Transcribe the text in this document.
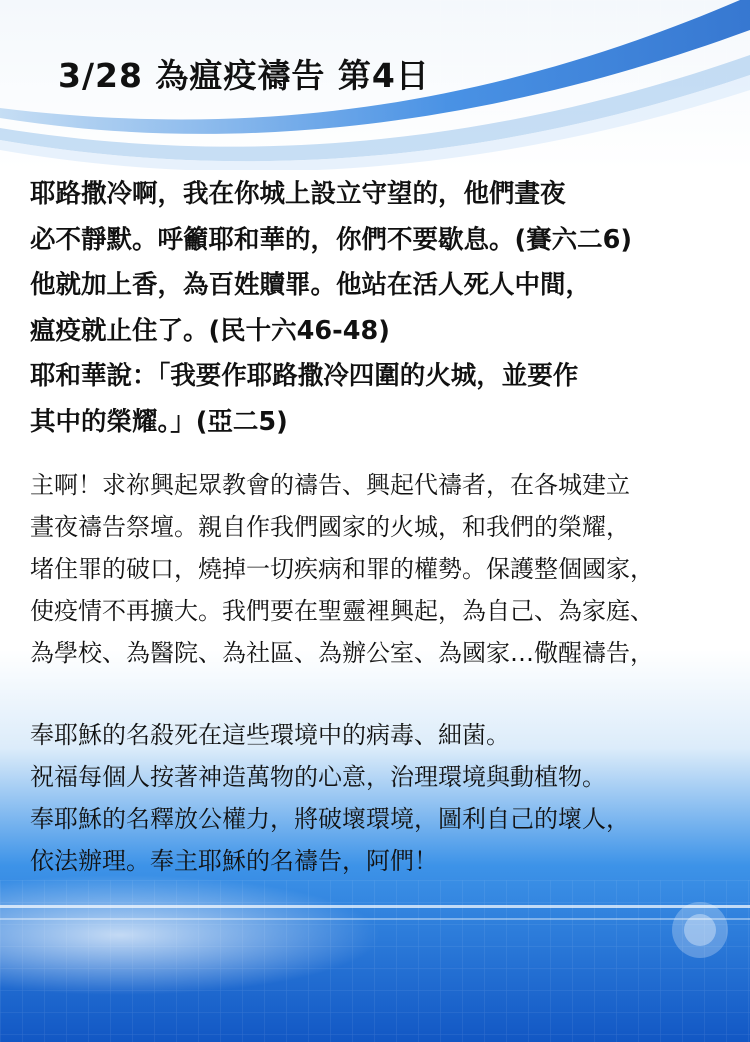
3/28 為瘟疫禱告 第4日
耶路撒冷啊，我在你城上設立守望的，他們晝夜
必不靜默。呼籲耶和華的，你們不要歇息。(賽六二6)
他就加上香，為百姓贖罪。他站在活人死人中間，
瘟疫就止住了。(民十六46-48)
耶和華說：「我要作耶路撒冷四圍的火城，並要作
其中的榮耀。」(亞二5)
主啊！求祢興起眾教會的禱告、興起代禱者，在各城建立
晝夜禱告祭壇。親自作我們國家的火城，和我們的榮耀，
堵住罪的破口，燒掉一切疾病和罪的權勢。保護整個國家，
使疫情不再擴大。我們要在聖靈裡興起，為自己、為家庭、
為學校、為醫院、為社區、為辦公室、為國家…儆醒禱告，
奉耶穌的名殺死在這些環境中的病毒、細菌。
祝福每個人按著神造萬物的心意，治理環境與動植物。
奉耶穌的名釋放公權力，將破壞環境，圖利自己的壞人，
依法辦理。奉主耶穌的名禱告，阿們！
